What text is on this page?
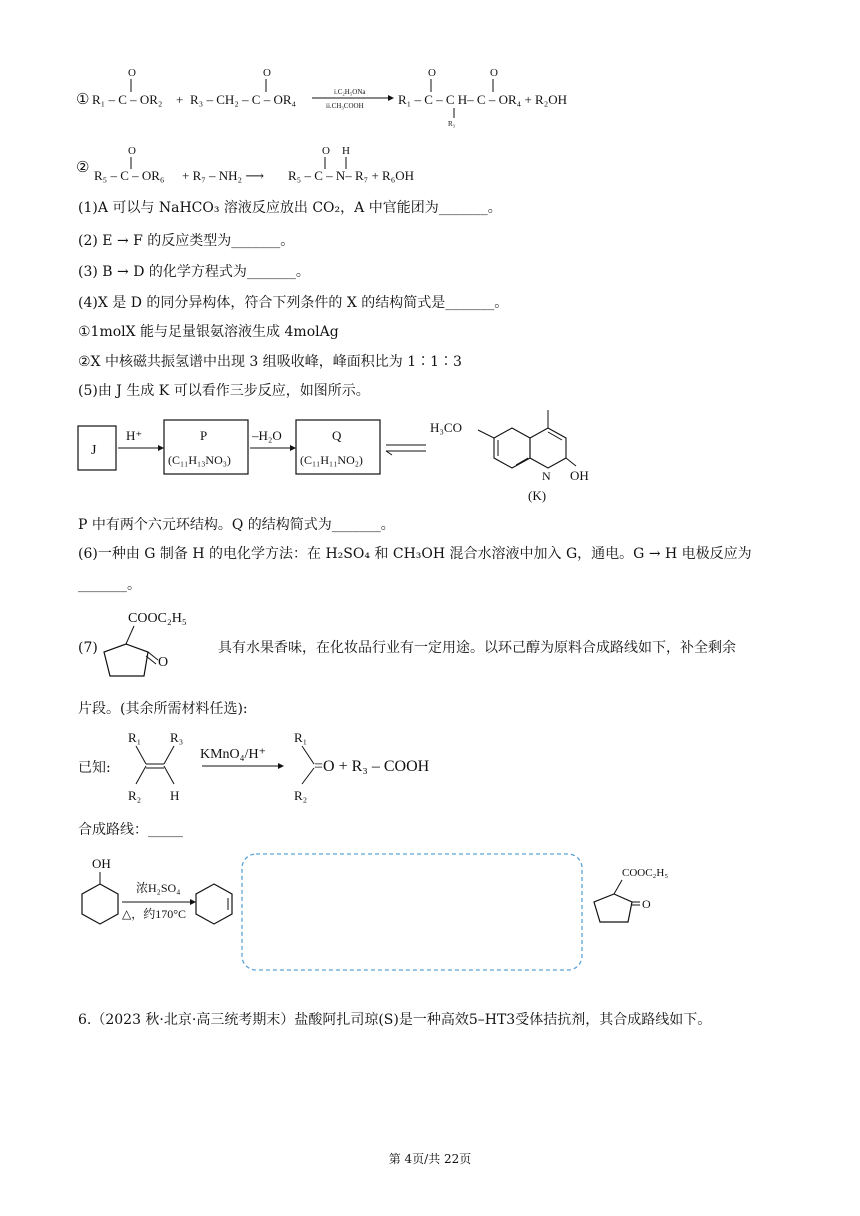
① R₁ – C – OR₂
O
+ R₃ – CH₂ – C – OR₄
O
i.C₂H₅ONa
ii.CH₃COOH	R₁ – C – C H– C – OR₄ + R₂OH
O	O
R₃
② R₅ – C – OR₆
O
+ R₇ – NH₂ ⟶ R₅ – C – N– R₇ + R₆OH
O H
(1)A 可以与 NaHCO₃ 溶液反应放出 CO₂，A 中官能团为_______。
(2) E → F 的反应类型为_______。
(3) B → D 的化学方程式为_______。
(4)X 是 D 的同分异构体，符合下列条件的 X 的结构简式是_______。
①1molX 能与足量银氨溶液生成 4molAg
②X 中核磁共振氢谱中出现 3 组吸收峰，峰面积比为 1∶1∶3
(5)由 J 生成 K 可以看作三步反应，如图所示。
J
H⁺	P
(C₁₁H₁₃NO₃)
–H₂O	Q
(C₁₁H₁₁NO₂)
H₃CO
N OH
(K)
P 中有两个六元环结构。Q 的结构简式为_______。
(6)一种由 G 制备 H 的电化学方法：在 H₂SO₄ 和 CH₃OH 混合水溶液中加入 G，通电。G → H 电极反应为
_______。
(7)
COOC₂H₅
O
具有水果香味，在化妆品行业有一定用途。以环己醇为原料合成路线如下，补全剩余
片段。(其余所需材料任选):
已知:
R₁ R₃
R₂ H
KMnO₄/H⁺
R₁
R₂
=O + R₃ – COOH
合成路线：_____
OH
浓H₂SO₄
△，约170°C
COOC₂H₅
O
6.（2023 秋·北京·高三统考期末）盐酸阿扎司琼(S)是一种高效5–HT3受体拮抗剂，其合成路线如下。
第 4页/共 22页
